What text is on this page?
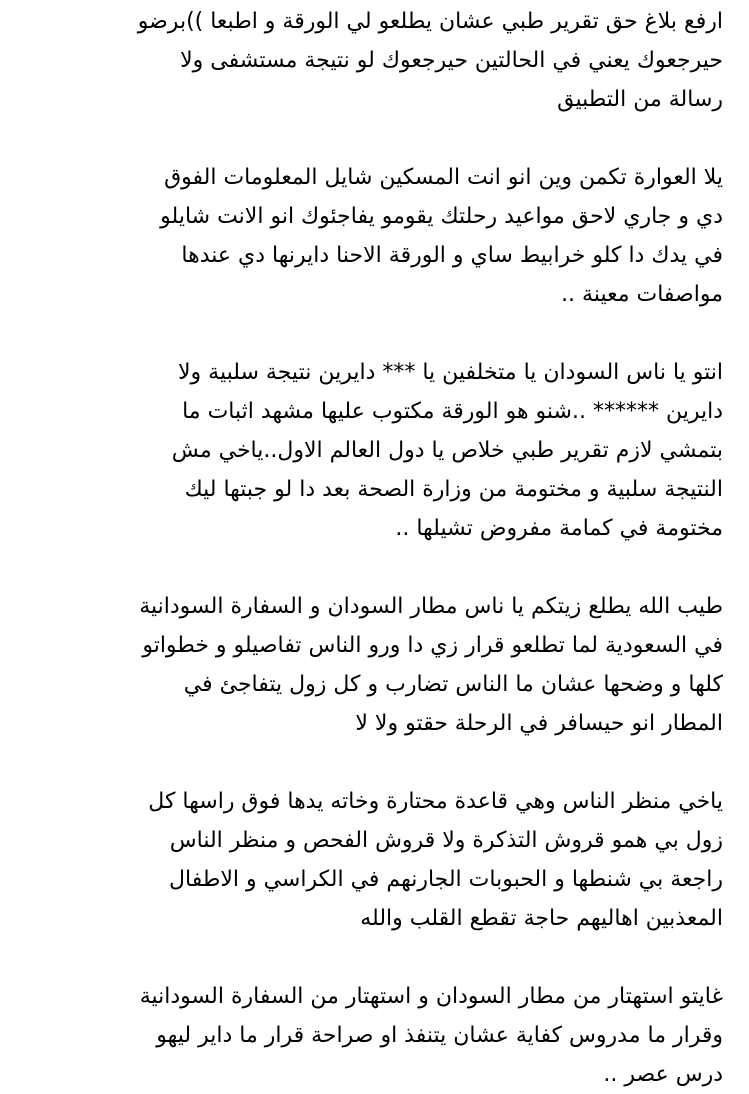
ارفع بلاغ حق تقرير طبي عشان يطلعو لي الورقة و اطبعا ))برضو
حيرجعوك يعني في الحالتين حيرجعوك لو نتيجة مستشفى ولا
رسالة من التطبيق
يلا العوارة تكمن وين انو انت المسكين شايل المعلومات الفوق
دي و جاري لاحق مواعيد رحلتك يقومو يفاجئوك انو الانت شايلو
في يدك دا كلو خرابيط ساي و الورقة الاحنا دايرنها دي عندها
مواصفات معينة ..
انتو يا ناس السودان يا متخلفين يا *** دايرين نتيجة سلبية ولا
دايرين ****** ..شنو هو الورقة مكتوب عليها مشهد اثبات ما
بتمشي لازم تقرير طبي خلاص يا دول العالم الاول..ياخي مش
النتيجة سلبية و مختومة من وزارة الصحة بعد دا لو جبتها ليك
مختومة في كمامة مفروض تشيلها ..
طيب الله يطلع زيتكم يا ناس مطار السودان و السفارة السودانية
في السعودية لما تطلعو قرار زي دا ورو الناس تفاصيلو و خطواتو
كلها و وضحها عشان ما الناس تضارب و كل زول يتفاجئ في
المطار انو حيسافر في الرحلة حقتو ولا لا
ياخي منظر الناس وهي قاعدة محتارة وخاته يدها فوق راسها كل
زول بي همو قروش التذكرة ولا قروش الفحص و منظر الناس
راجعة بي شنطها و الحبوبات الجارنهم في الكراسي و الاطفال
المعذبين اهاليهم حاجة تقطع القلب والله
غايتو استهتار من مطار السودان و استهتار من السفارة السودانية
وقرار ما مدروس كفاية عشان يتنفذ او صراحة قرار ما داير ليهو
درس عصر ..
